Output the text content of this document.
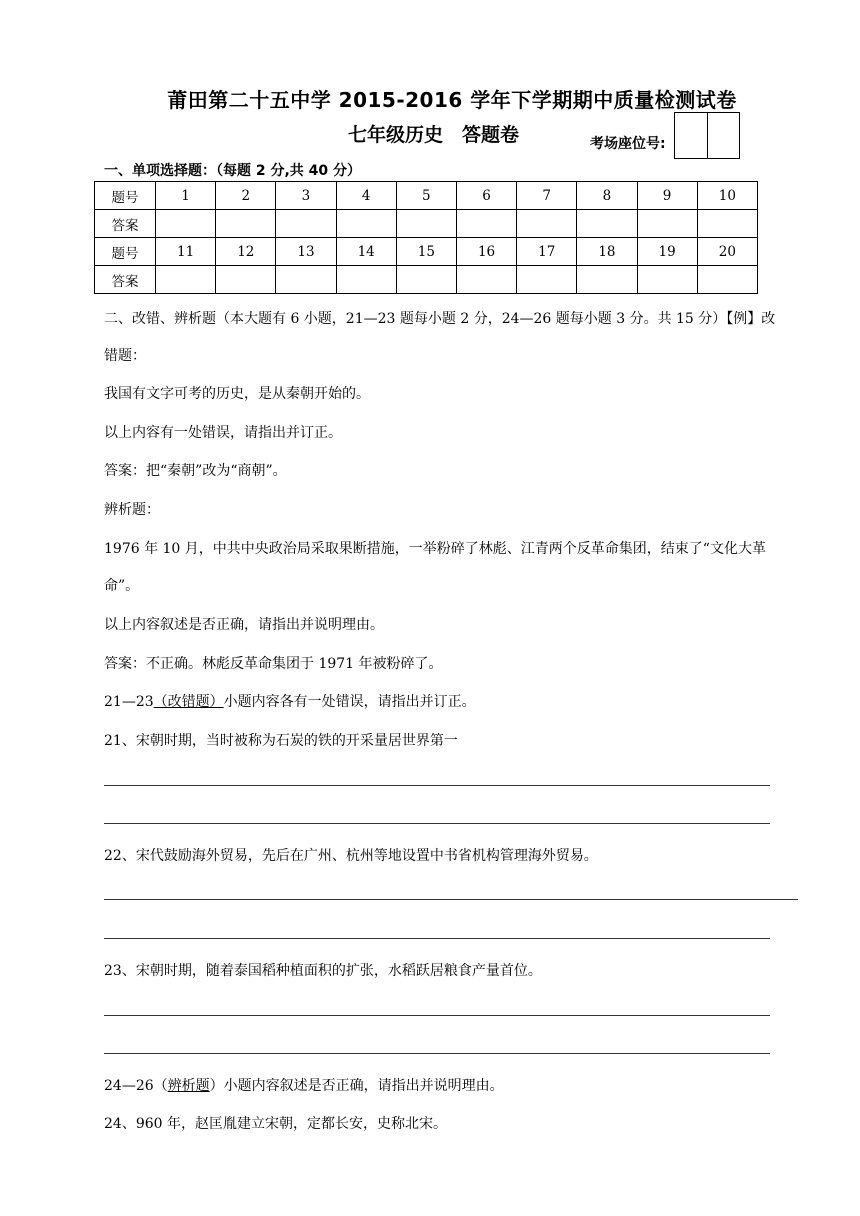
莆田第二十五中学 2015-2016 学年下学期期中质量检测试卷
七年级历史　答题卷	考场座位号:
一、单项选择题：（每题 2 分,共 40 分）
题号	1	2	3	4	5	6	7	8	9	10
答案										
题号	11	12	13	14	15	16	17	18	19	20
答案										
二、改错、辨析题（本大题有 6 小题，21—23 题每小题 2 分，24—26 题每小题 3 分。共 15 分）【例】改
错题：
我国有文字可考的历史，是从秦朝开始的。
以上内容有一处错误，请指出并订正。
答案：把“秦朝”改为“商朝”。
辨析题：
1976 年 10 月，中共中央政治局采取果断措施，一举粉碎了林彪、江青两个反革命集团，结束了“文化大革
命”。
以上内容叙述是否正确，请指出并说明理由。
答案：不正确。林彪反革命集团于 1971 年被粉碎了。
21—23（改错题）小题内容各有一处错误，请指出并订正。
21、宋朝时期，当时被称为石炭的铁的开采量居世界第一
22、宋代鼓励海外贸易，先后在广州、杭州等地设置中书省机构管理海外贸易。
23、宋朝时期，随着泰国稻种植面积的扩张，水稻跃居粮食产量首位。
24—26（辨析题）小题内容叙述是否正确，请指出并说明理由。
24、960 年，赵匡胤建立宋朝，定都长安，史称北宋。
